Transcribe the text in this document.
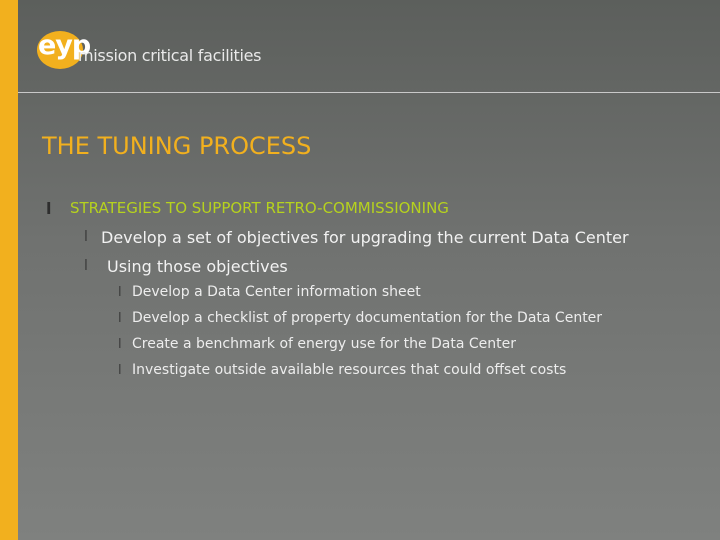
eyp
mission critical facilities
THE TUNING PROCESS
l STRATEGIES TO SUPPORT RETRO-COMMISSIONING
l Develop a set of objectives for upgrading the current Data Center
l Using those objectives
l Develop a Data Center information sheet
l Develop a checklist of property documentation for the Data Center
l Create a benchmark of energy use for the Data Center
l Investigate outside available resources that could offset costs
